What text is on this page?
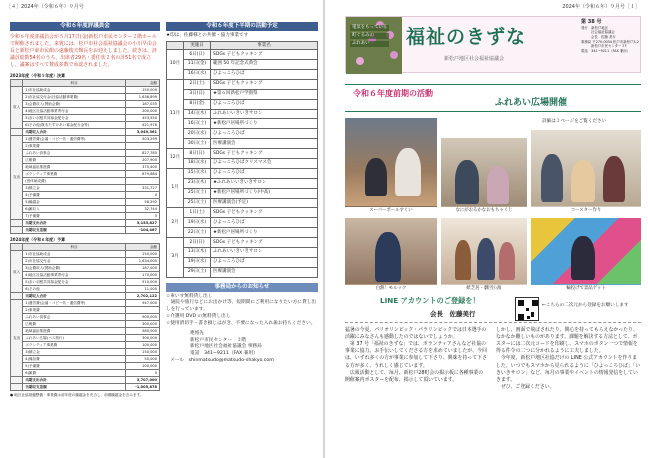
［４］2024年（令和６年）９月号
令和６年度評議員会

令和６年度評議員会が５月17日(金)新松戸市民センター２階ホールで開催されました。来賓には、松戸市社会福祉協議会の小川早由会長と新松戸東市民館の遠藤俊夫館長をお迎えしました。続きは、評議員総数54名のうち、出席者29名・委任状２名の計51名で成立し、議案はすべて賛成多数で承認されました。

2023年度（令和５年度）決算
	科目	金額
収入	1)市社協助成金	150,000
	2)市社協交付金(社協活動事業費)	1,636,899
	3)会費収入(賛助会費)	187,035
	4)地区社協活動事業寄付金	200,000
	5)赤い羽根共同募金配分金	453,550
	6)その他(歳末たすけあい募金配分金等)	421,976
	当期収入合計	3,049,361
支出	1)運営費(会議・コピー代・通信費等)	503,299
	2)事業費	
	ふれあい食事会	827,785
	広報費	207,900
	地域福祉推進費	375,400
	ボランティア事業費	879,684
	(団体助成費)	
	3)積立金	331,727
	4)予備費	0
	5)繰越金	58,292
	6)雑収入	32,744
	7)予備費	0
	当期支出合計	3,153,827
	当期収支差額	-104,467
2024年度（令和６年度）予算
	科目	金額
収入	1)市社協助成金	150,000
	2)市社協交付金	1,634,000
	3)会費収入(賛助会費)	187,000
	4)地区社協活動事業寄付金	170,000
	5)赤い羽根共同募金配分金	510,000
	6)その他	11,000
	当期収入合計	2,702,122
支出	1)運営費(会議・コピー代・通信費等)	547,000
	2)事業費	
	ふれあい食事会	900,000
	広報費	300,000
	地域福祉推進費	580,000
	ふれあい広場(バス旅行)	300,000
	ボランティア事業費	100,000
	3)積立金	150,000
	4)備品費	50,000
	5)予備費	100,000
	6)雑費	0
	当期支出合計	3,707,000
	当期収支差額	-1,005,878

● 地区社協基盤整備・事業費は前年度の繰越金を充当し、前期繰越金を含みます。

令和６年度下半期の活動予定
★印は、佐藤様との共催・協力事業です
	実施日	事業名
10月	6日(日)	SDGs 子どもクッキング
	11日(金)	範囲 50 年記念式典会
	16日(水)	ひよっころひば
11月	2日(土)	SDGs 子どもクッキング
	3日(日)	★第６回新松戸学園祭
	8日(金)	ひよっころひば
	14日(木)	ふれあいいきいきサロン
	16日(土)	★新松戸居場所づくり
	20日(水)	ひよっころひば
	30日(土)	医療講演会
12月	8日(日)	SDGs 子どもクッキング
	18日(水)	ひよっころひばクリスマス会
1月	15日(水)	ひよっころひば
	23日(木)	★ふれあいいきいきサロン
	25日(土)	★新松戸居場所づくり(中高)
	25日(土)	医療講演会(予定)
2月	1日(土)	SDGs 子どもクッキング
	19日(水)	ひよっころひば
	22日(土)	★新松戸居場所づくり
3月	2日(日)	SDGs 子どもクッキング
	13日(木)	ふれあいいきいきサロン
	19日(水)	ひよっころひば
	29日(土)	医療講演会
事務局からのお知らせ

☆車いす無料貸し出し
　通院や旅行などにお出かけ等、短期間にご利用になりたい方に貸し出しを行っています。
☆介護用 DVD の無料貸し出し
☆使用済切手・書き損じはがき、不要になった入れ歯お持ちください。

連絡先
新松戸市民センター　３階
新松戸地区社会福祉協議会 事務局
電話　341−9211（FAX 兼用）

メール　shinmatsudo@matsudo-shakyo.com

2024年（令和６年）９月号［１］
電気をもっている
町ぐるみの
ふれあい	福祉のきずな
新松戸地区社会福祉協議会
第 38 号
発行　新松戸地区
社会福祉協議会
会長　佐藤 美行
事務局 〒270-0034 松戸市新松戸3-2
新松戸市民センター３F
電話　341−9211（FAX 兼用）
令和６年度前期の活動
ふれあい広場開催
詳細は３ページをご覧ください
スーパーボールすくい	なにがおるかなおもちゃくじ	コースター作り
白熱！モルック	紙芝居・劇団公演	輪投げで景品ゲット
LINE アカウントのご登録を！
会長　佐藤美行
←こちらの二次元から登録をお願いします
猛暑の今夏、パリオリンピック・パラリンピックでは日本選手の活躍にみなさんも感動したのではないでしょうか。
　第 37 号「福祉のきずな」では、ボランティアさんなど社協の事業に協力、お手伝いしてくださる方を求めていましたが、今回は、いずれ多くの方が事業に参加して下さり、興味を持って下さる方が多く、うれしく感じています。
　広報活動として、毎月、新松戸28町会の掲示板に各種事業の開催案内ポスターを配布、掲示して頂いています。
しかし、画面で飛ばされたり、関心を持ってもらえなかったり、なかなか難しいものがあります。課題を解決する方法として、ポスターには二次元コードを印刷し、スマホのボタン一つで情報を得る件令の二つに分かれるように工夫しました。
　今年度、新松戸地区社協だけの LINE 公式アカウントを作りました。いつでもスマホから見られるように「ひよっころひば」「いきいきサロン」など、毎月の事業やイベントの情報発信をしていきます。
　ぜひ、ご登録ください。
